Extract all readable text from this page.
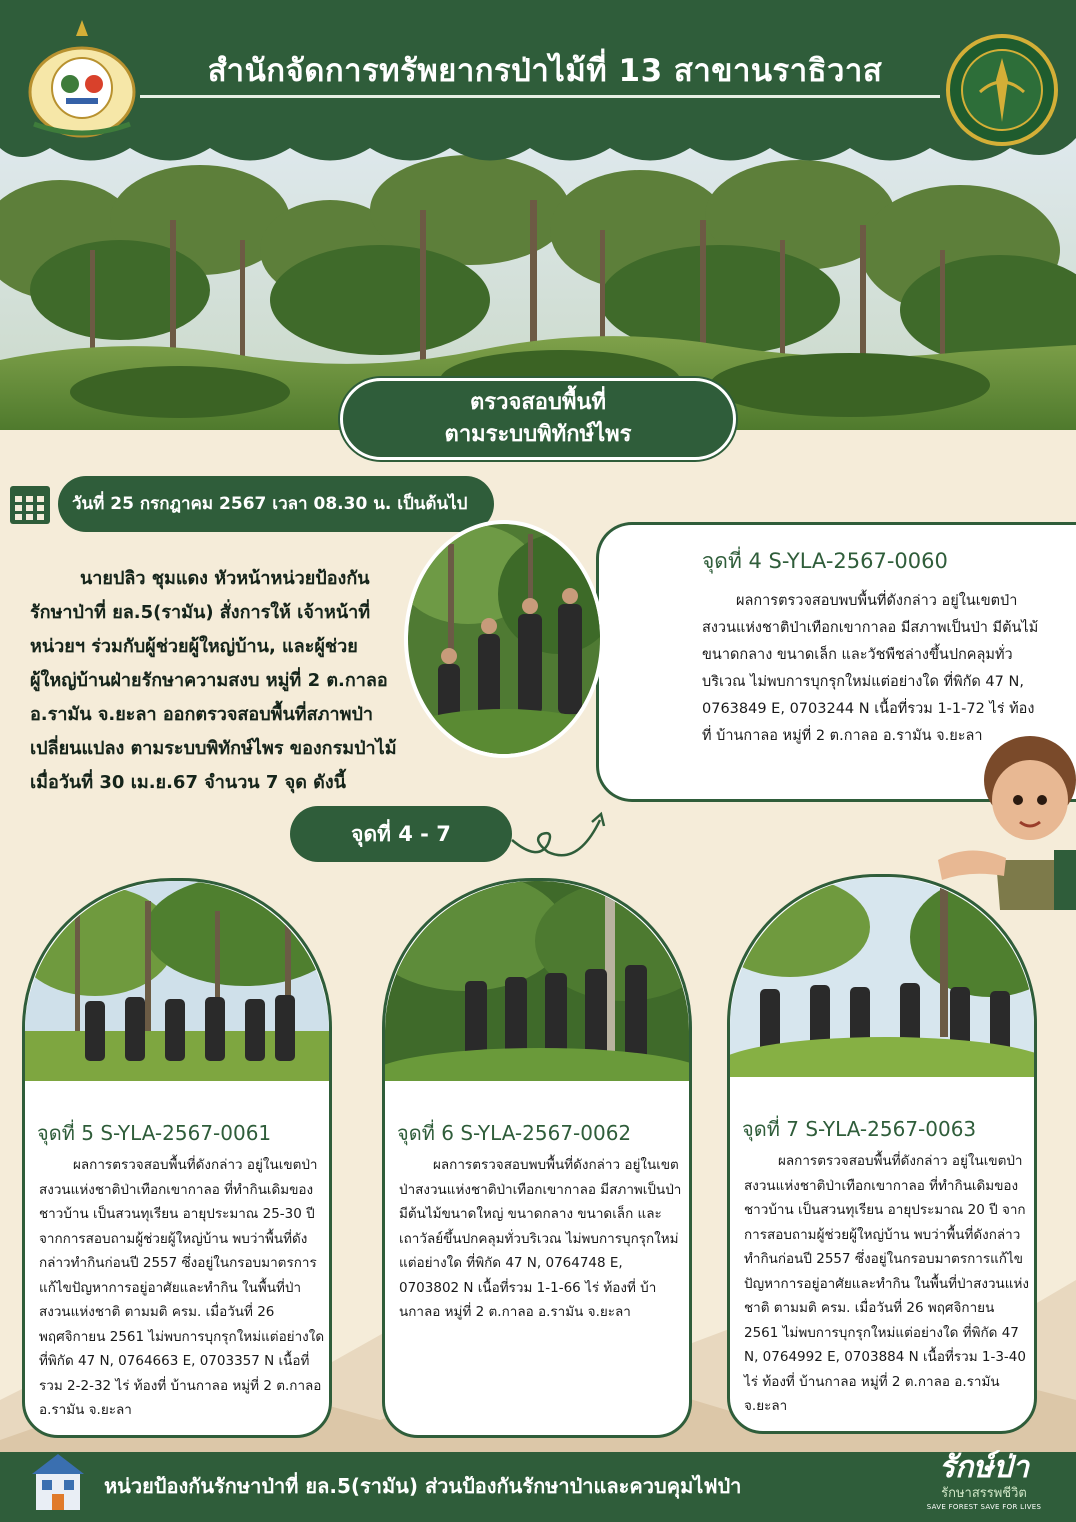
สำนักจัดการทรัพยากรป่าไม้ที่ 13 สาขานราธิวาส
ตรวจสอบพื้นที่
ตามระบบพิทักษ์ไพร
วันที่ 25 กรกฎาคม 2567 เวลา 08.30 น. เป็นต้นไป

นายปลิว ชุมแดง หัวหน้าหน่วยป้องกันรักษาป่าที่ ยล.5(รามัน) สั่งการให้ เจ้าหน้าที่หน่วยฯ ร่วมกับผู้ช่วยผู้ใหญ่บ้าน, และผู้ช่วยผู้ใหญ่บ้านฝ่ายรักษาความสงบ หมู่ที่ 2 ต.กาลอ อ.รามัน จ.ยะลา ออกตรวจสอบพื้นที่สภาพป่าเปลี่ยนแปลง ตามระบบพิทักษ์ไพร ของกรมป่าไม้ เมื่อวันที่ 30 เม.ย.67 จำนวน 7 จุด ดังนี้

จุดที่ 4 S-YLA-2567-0060

ผลการตรวจสอบพบพื้นที่ดังกล่าว อยู่ในเขตป่าสงวนแห่งชาติป่าเทือกเขากาลอ มีสภาพเป็นป่า มีต้นไม้ขนาดกลาง ขนาดเล็ก และวัชพืชล่างขึ้นปกคลุมทั่วบริเวณ ไม่พบการบุกรุกใหม่แต่อย่างใด ที่พิกัด 47 N, 0763849 E, 0703244 N เนื้อที่รวม 1-1-72 ไร่ ท้องที่ บ้านกาลอ หมู่ที่ 2 ต.กาลอ อ.รามัน จ.ยะลา

จุดที่ 4 - 7
จุดที่ 5 S-YLA-2567-0061

ผลการตรวจสอบพื้นที่ดังกล่าว อยู่ในเขตป่าสงวนแห่งชาติป่าเทือกเขากาลอ ที่ทำกินเดิมของชาวบ้าน เป็นสวนทุเรียน อายุประมาณ 25-30 ปี จากการสอบถามผู้ช่วยผู้ใหญ่บ้าน พบว่าพื้นที่ดังกล่าวทำกินก่อนปี 2557 ซึ่งอยู่ในกรอบมาตรการแก้ไขปัญหาการอยู่อาศัยและทำกิน ในพื้นที่ป่าสงวนแห่งชาติ ตามมติ ครม. เมื่อวันที่ 26 พฤศจิกายน 2561 ไม่พบการบุกรุกใหม่แต่อย่างใด ที่พิกัด 47 N, 0764663 E, 0703357 N เนื้อที่รวม 2-2-32 ไร่ ท้องที่ บ้านกาลอ หมู่ที่ 2 ต.กาลอ อ.รามัน จ.ยะลา

จุดที่ 6 S-YLA-2567-0062

ผลการตรวจสอบพบพื้นที่ดังกล่าว อยู่ในเขตป่าสงวนแห่งชาติป่าเทือกเขากาลอ มีสภาพเป็นป่า มีต้นไม้ขนาดใหญ่ ขนาดกลาง ขนาดเล็ก และเถาวัลย์ขึ้นปกคลุมทั่วบริเวณ ไม่พบการบุกรุกใหม่แต่อย่างใด ที่พิกัด 47 N, 0764748 E, 0703802 N เนื้อที่รวม 1-1-66 ไร่ ท้องที่ บ้านกาลอ หมู่ที่ 2 ต.กาลอ อ.รามัน จ.ยะลา

จุดที่ 7 S-YLA-2567-0063

ผลการตรวจสอบพื้นที่ดังกล่าว อยู่ในเขตป่าสงวนแห่งชาติป่าเทือกเขากาลอ ที่ทำกินเดิมของชาวบ้าน เป็นสวนทุเรียน อายุประมาณ 20 ปี จากการสอบถามผู้ช่วยผู้ใหญ่บ้าน พบว่าพื้นที่ดังกล่าว ทำกินก่อนปี 2557 ซึ่งอยู่ในกรอบมาตรการแก้ไขปัญหาการอยู่อาศัยและทำกิน ในพื้นที่ป่าสงวนแห่งชาติ ตามมติ ครม. เมื่อวันที่ 26 พฤศจิกายน 2561 ไม่พบการบุกรุกใหม่แต่อย่างใด ที่พิกัด 47 N, 0764992 E, 0703884 N เนื้อที่รวม 1-3-40 ไร่ ท้องที่ บ้านกาลอ หมู่ที่ 2 ต.กาลอ อ.รามัน จ.ยะลา

หน่วยป้องกันรักษาป่าที่ ยล.5(รามัน) ส่วนป้องกันรักษาป่าและควบคุมไฟป่า
รักษ์ป่า
รักษาสรรพชีวิต
SAVE FOREST SAVE FOR LIVES
